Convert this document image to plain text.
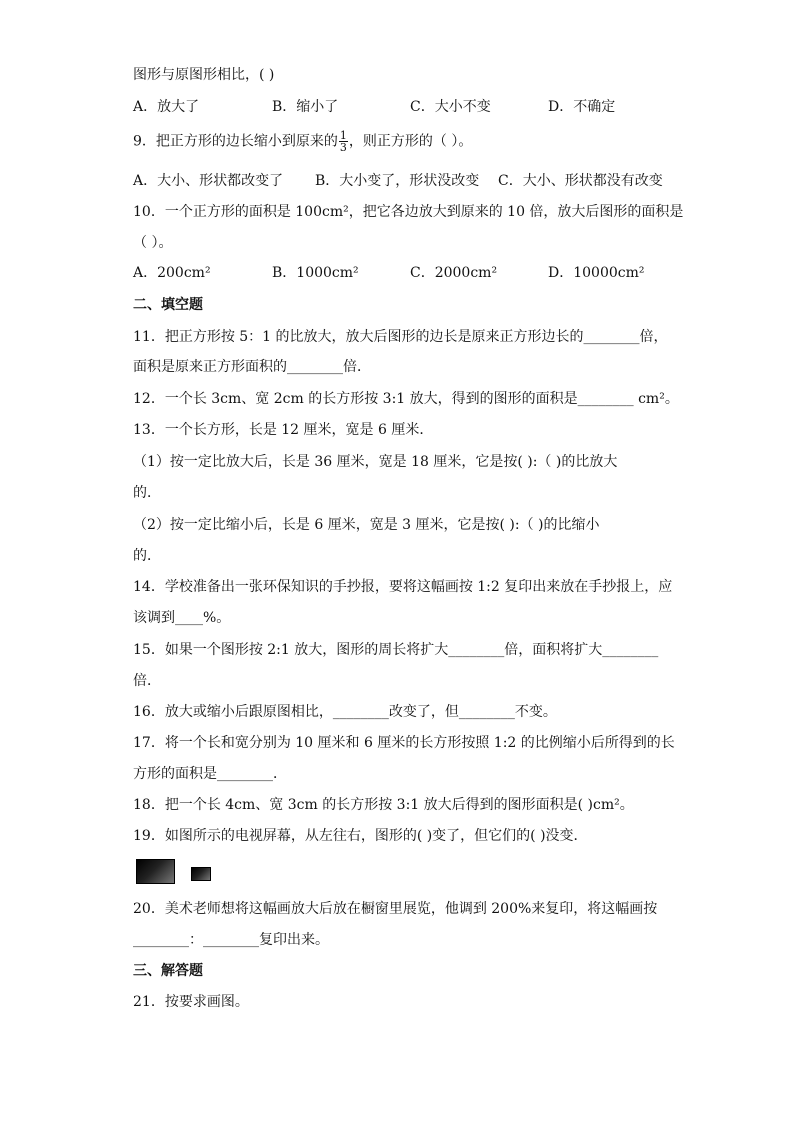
图形与原图形相比，( )
A．放大了	B．缩小了	C．大小不变	D．不确定
9．把正方形的边长缩小到原来的 $\frac{1}{3}$ ，则正方形的（ ）。
A．大小、形状都改变了 B．大小变了，形状没改变 C．大小、形状都没有改变
10．一个正方形的面积是 100cm²，把它各边放大到原来的 10 倍，放大后图形的面积是
（ ）。
A．200cm²	B．1000cm²	C．2000cm²	D．10000cm²
二、填空题
11．把正方形按 5：1 的比放大，放大后图形的边长是原来正方形边长的________倍，
面积是原来正方形面积的________倍．
12．一个长 3cm、宽 2cm 的长方形按 3:1 放大，得到的图形的面积是________ cm²。
13．一个长方形，长是 12 厘米，宽是 6 厘米．
（1）按一定比放大后，长是 36 厘米，宽是 18 厘米，它是按( ):（ )的比放大
的．
（2）按一定比缩小后，长是 6 厘米，宽是 3 厘米，它是按( ):（ )的比缩小
的．
14．学校准备出一张环保知识的手抄报，要将这幅画按 1:2 复印出来放在手抄报上，应
该调到____%。
15．如果一个图形按 2:1 放大，图形的周长将扩大________倍，面积将扩大________
倍．
16．放大或缩小后跟原图相比，________改变了，但________不变。
17．将一个长和宽分别为 10 厘米和 6 厘米的长方形按照 1:2 的比例缩小后所得到的长
方形的面积是________．
18．把一个长 4cm、宽 3cm 的长方形按 3:1 放大后得到的图形面积是( )cm²。
19．如图所示的电视屏幕，从左往右，图形的( )变了，但它们的( )没变．
20．美术老师想将这幅画放大后放在橱窗里展览，他调到 200%来复印，将这幅画按
________：________复印出来。
三、解答题
21．按要求画图。
